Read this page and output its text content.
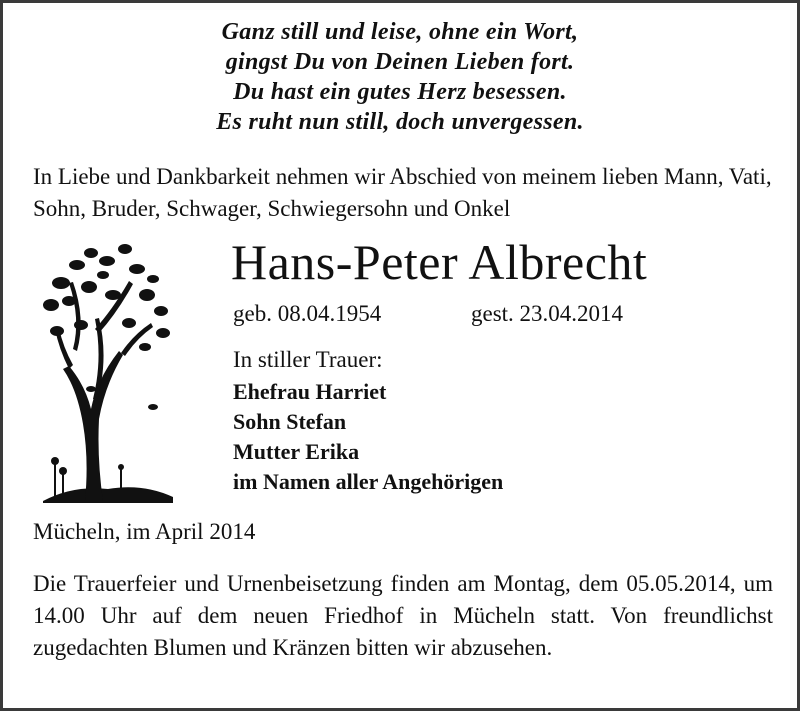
Ganz still und leise, ohne ein Wort,
gingst Du von Deinen Lieben fort.
Du hast ein gutes Herz besessen.
Es ruht nun still, doch unvergessen.
In Liebe und Dankbarkeit nehmen wir Abschied von meinem lieben Mann, Vati, Sohn, Bruder, Schwager, Schwiegersohn und Onkel
Hans-Peter Albrecht
geb. 08.04.1954	gest. 23.04.2014
In stiller Trauer:
Ehefrau Harriet
Sohn Stefan
Mutter Erika
im Namen aller Angehörigen
Mücheln, im April 2014
Die Trauerfeier und Urnenbeisetzung finden am Montag, dem 05.05.2014, um 14.00 Uhr auf dem neuen Friedhof in Mücheln statt. Von freundlichst zugedachten Blumen und Kränzen bitten wir abzusehen.
